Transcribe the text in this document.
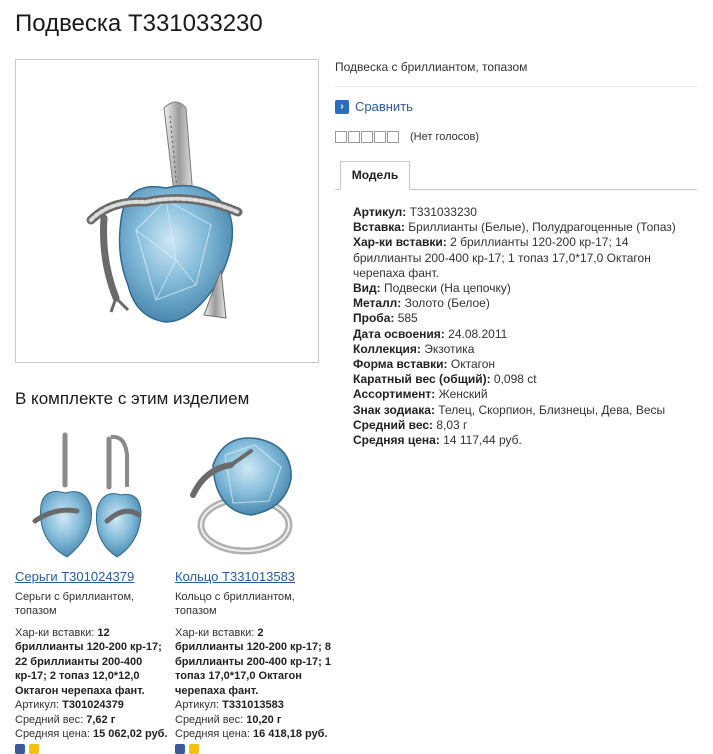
Подвеска T331033230
Подвеска с бриллиантом, топазом
› Сравнить
(Нет голосов)
Модель

Артикул: T331033230

Вставка: Бриллианты (Белые), Полудрагоценные (Топаз)

Хар-ки вставки: 2 бриллианты 120-200 кр-17; 14 бриллианты 200-400 кр-17; 1 топаз 17,0*17,0 Октагон черепаха фант.

Вид: Подвески (На цепочку)

Металл: Золото (Белое)

Проба: 585

Дата освоения: 24.08.2011

Коллекция: Экзотика

Форма вставки: Октагон

Каратный вес (общий): 0,098 ct

Ассортимент: Женский

Знак зодиака: Телец, Скорпион, Близнецы, Дева, Весы

Средний вес: 8,03 г

Средняя цена: 14 117,44 руб.

В комплекте с этим изделием
Серьги T301024379
Серьги с бриллиантом, топазом
Хар-ки вставки: 12 бриллианты 120-200 кр-17; 22 бриллианты 200-400 кр-17; 2 топаз 12,0*12,0 Октагон черепаха фант.
Артикул: T301024379
Средний вес: 7,62 г
Средняя цена: 15 062,02 руб.
Кольцо T331013583
Кольцо с бриллиантом, топазом
Хар-ки вставки: 2 бриллианты 120-200 кр-17; 8 бриллианты 200-400 кр-17; 1 топаз 17,0*17,0 Октагон черепаха фант.
Артикул: T331013583
Средний вес: 10,20 г
Средняя цена: 16 418,18 руб.
